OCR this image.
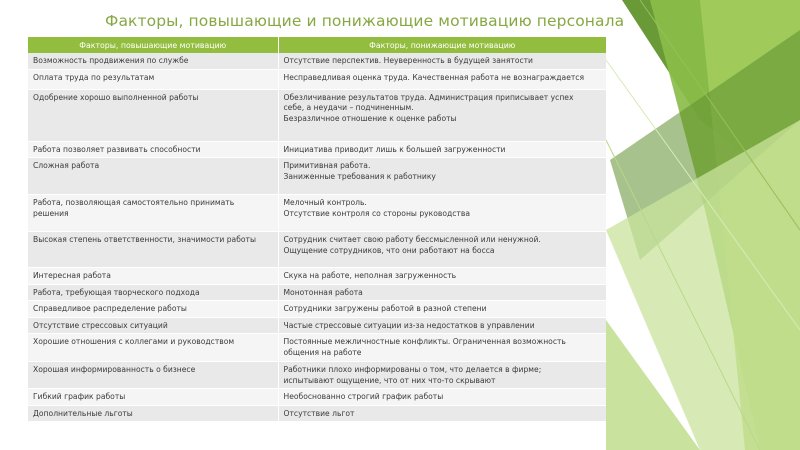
Факторы, повышающие и понижающие мотивацию персонала
Факторы, повышающие мотивацию	Факторы, понижающие мотивацию
Возможность продвижения по службе	Отсутствие перспектив. Неуверенность в будущей занятости
Оплата труда по результатам	Несправедливая оценка труда. Качественная работа не вознаграждается
Одобрение хорошо выполненной работы	Обезличивание результатов труда. Администрация приписывает успех
себе, а неудачи – подчиненным.
Безразличное отношение к оценке работы
Работа позволяет развивать способности	Инициатива приводит лишь к большей загруженности
Сложная работа	Примитивная работа.
Заниженные требования к работнику
Работа, позволяющая самостоятельно принимать
решения	Мелочный контроль.
Отсутствие контроля со стороны руководства
Высокая степень ответственности, значимости работы	Сотрудник считает свою работу бессмысленной или ненужной.
Ощущение сотрудников, что они работают на босса
Интересная работа	Скука на работе, неполная загруженность
Работа, требующая творческого подхода	Монотонная работа
Справедливое распределение работы	Сотрудники загружены работой в разной степени
Отсутствие стрессовых ситуаций	Частые стрессовые ситуации из-за недостатков в управлении
Хорошие отношения с коллегами и руководством	Постоянные межличностные конфликты. Ограниченная возможность
общения на работе
Хорошая информированность о бизнесе	Работники плохо информированы о том, что делается в фирме;
испытывают ощущение, что от них что-то скрывают
Гибкий график работы	Необоснованно строгий график работы
Дополнительные льготы	Отсутствие льгот
